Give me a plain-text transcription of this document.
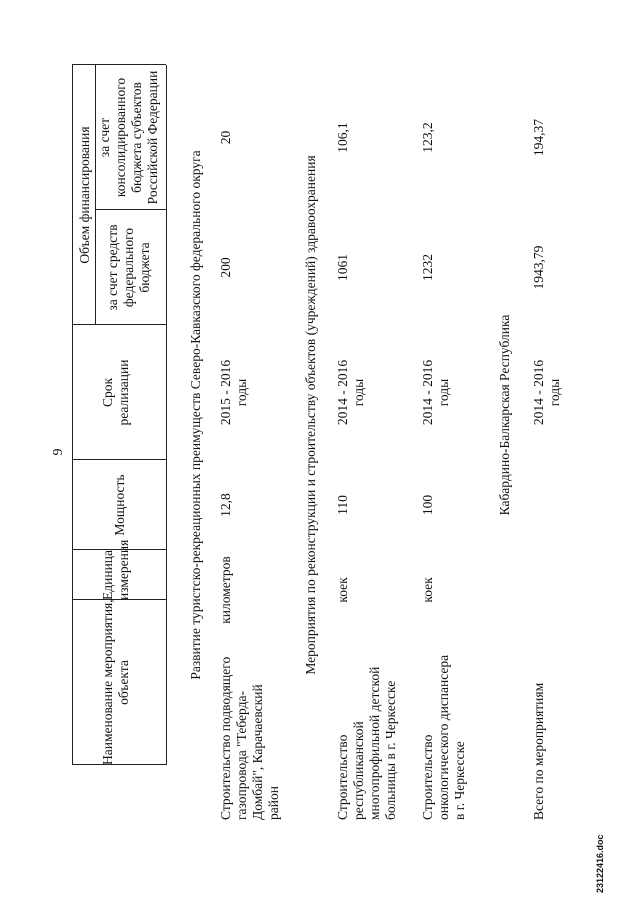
9
Наименование мероприятия, объекта
Единица измерения
Мощность
Срок реализации
Объем финансирования
за счет средств федерального бюджета
за счет консолидированного бюджета субъектов Российской Федерации
Развитие туристско-рекреационных преимуществ Северо-Кавказского федерального округа
Строительство подводящего газопровода "Теберда- Домбай", Карачаевский район
километров
12,8
2015 - 2016 годы
200
20
Мероприятия по реконструкции и строительству объектов (учреждений) здравоохранения
Строительство республиканской многопрофильной детской больницы в г. Черкесске
коек
110
2014 - 2016 годы
1061
106,1
Строительство онкологического диспансера в г. Черкесске
коек
100
2014 - 2016 годы
1232
123,2
Кабардино-Балкарская Республика
Всего по мероприятиям
2014 - 2016 годы
1943,79
194,37
23122416.doc
